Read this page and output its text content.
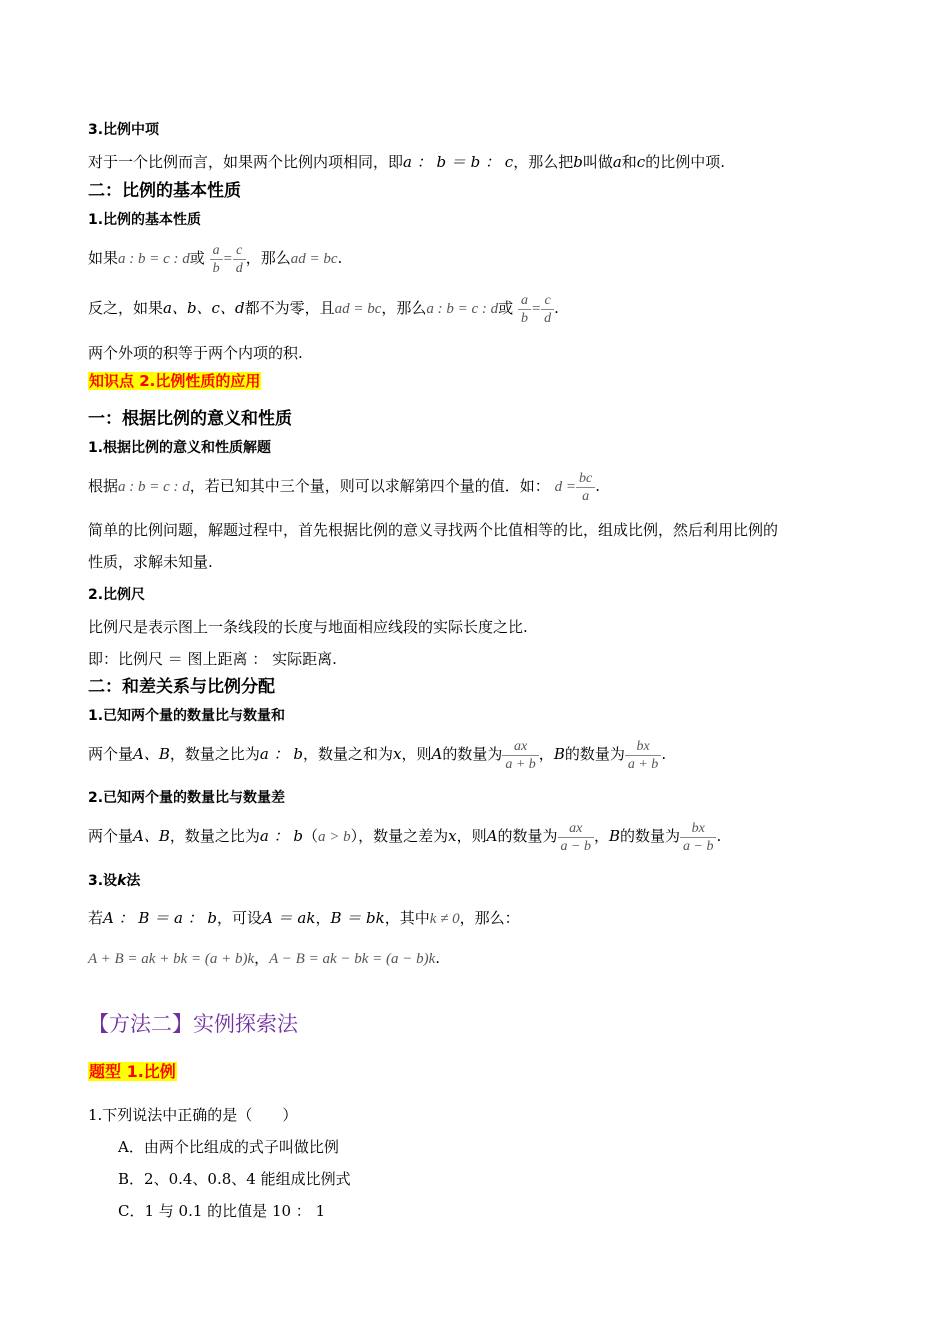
3.比例中项
对于一个比例而言，如果两个比例内项相同，即a ： b ＝ b ： c，那么把b叫做a和c的比例中项.
二：比例的基本性质
1.比例的基本性质
如果a : b = c : d或 $\frac{a}{b} = \frac{c}{d}$ ，那么ad = bc.
反之，如果a、b、c、d都不为零，且ad = bc，那么a : b = c : d或 $\frac{a}{b} = \frac{c}{d}$ .
两个外项的积等于两个内项的积.
知识点 2.比例性质的应用
一：根据比例的意义和性质
1.根据比例的意义和性质解题
根据a : b = c : d，若已知其中三个量，则可以求解第四个量的值．如： $d = \frac{bc}{a}$ .
简单的比例问题，解题过程中，首先根据比例的意义寻找两个比值相等的比，组成比例，然后利用比例的
性质，求解未知量.
2.比例尺
比例尺是表示图上一条线段的长度与地面相应线段的实际长度之比.
即：比例尺 ＝ 图上距离 ： 实际距离.
二：和差关系与比例分配
1.已知两个量的数量比与数量和
两个量A、B，数量之比为a ： b，数量之和为x，则A的数量为 $\frac{ax}{a + b}$ ，B的数量为 $\frac{bx}{a + b}$ .
2.已知两个量的数量比与数量差
两个量A、B，数量之比为a ： b（a > b），数量之差为x，则A的数量为 $\frac{ax}{a - b}$ ，B的数量为 $\frac{bx}{a - b}$ .
3.设k法
若A ： B ＝ a ： b，可设A ＝ ak，B ＝ bk，其中k ≠ 0，那么：
A + B = ak + bk = (a + b)k，A − B = ak − bk = (a − b)k.
【方法二】实例探索法
题型 1.比例
1.下列说法中正确的是（　　）
A．由两个比组成的式子叫做比例
B．2、0.4、0.8、4 能组成比例式
C．1 与 0.1 的比值是 10 ： 1
